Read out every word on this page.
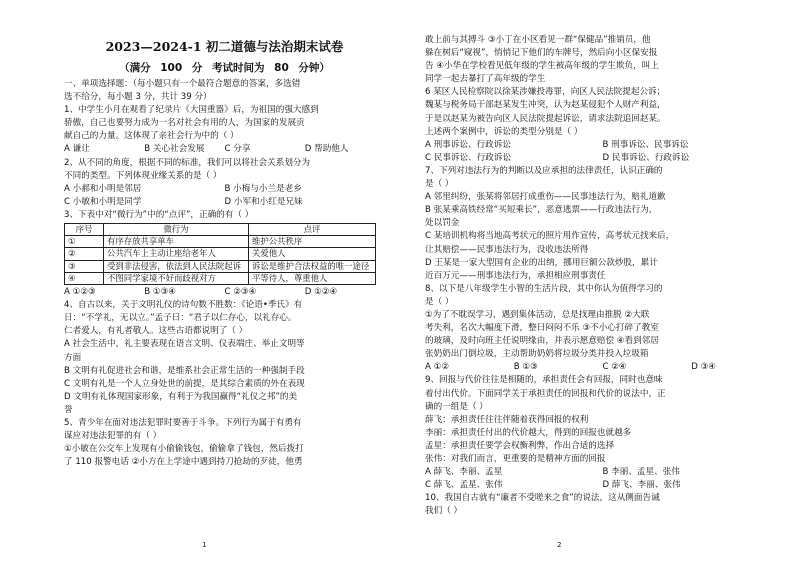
2023—2024-1 初二道德与法治期末试卷
（满分 100 分 考试时间为 80 分钟）
一、单项选择题：（每小题只有一个最符合题意的答案，多选错
选不给分，每小题 3 分，共计 39 分）
1、中学生小月在观看了纪录片《大国重器》后，为祖国的强大感到
骄傲，自己也要努力成为一名对社会有用的人，为国家的发展贡
献自己的力量。这体现了亲社会行为中的（ ）
A 谦让	B 关心社会发展	C 分享	D 帮助他人
2、从不同的角度，根据不同的标准，我们可以将社会关系划分为
不同的类型。下列体现业缘关系的是（ ）
A 小郝和小明是邻居	B 小梅与小兰是老乡
C 小敏和小明是同学	D 小军和小红是兄妹
3、下表中对“微行为”中的“点评”，正确的有（ ）
序号	微行为	点评
①	有序存放共享单车	维护公共秩序
②	公共汽车上主动让座给老年人	关爱他人
③	受到非法侵害，依法到人民法院起诉	诉讼是维护合法权益的唯一途径
④	不图同学家境不好而歧视对方	平等待人，尊重他人
A ①②③	B ①③④	C ②③④	D ①②④
4、自古以来，关于文明礼仪的诗句数不胜数：《论语•季氏》有
日：“不学礼，无以立。”孟子曰：“君子以仁存心，以礼存心。
仁者爱人，有礼者敬人。这些古语都说明了（ ）
A 社会生活中，礼主要表现在语言文明、仪表端庄、举止文明等
方面
B 文明有礼促进社会和谐，是维系社会正常生活的一种强制手段
C 文明有礼是一个人立身处世的前提，是其综合素质的外在表现
D 文明有礼体现国家形象，有利于为我国赢得“礼仪之邦”的美
誉
5、青少年在面对违法犯罪时要善于斗争。下列行为属于有勇有
谋应对违法犯罪的有（ ）
①小敏在公交车上发现有小偷偷钱包，偷偷拿了钱包，然后拨打
了 110 报警电话 ②小方在上学途中遇到持刀抢劫的歹徒，他勇
1
敢上前与其搏斗 ③小丁在小区看见一群“保健品”推销员，他
躲在树后“窥视”，悄悄记下他们的车牌号，然后向小区保安报
告 ④小华在学校看见低年级的学生被高年级的学生欺负，叫上
同学一起去暴打了高年级的学生
6 某区人民检察院以徐某涉嫌投毒罪，向区人民法院提起公诉；
魏某与税务局干部赵某发生冲突，认为赵某侵犯个人财产利益，
于是以赵某为被告向区人民法院提起诉讼，请求法院追回赵某。
上述两个案例中，诉讼的类型分别是（ ）
A 刑事诉讼、行政诉讼	B 刑事诉讼、民事诉讼
C 民事诉讼、行政诉讼	D 民事诉讼、行政诉讼
7、下列对违法行为的判断以及应承担的法律责任，认识正确的
是（ ）
A 邻里纠纷，张某将邻居打成重伤——民事违法行为，赔礼道歉
B 张某乘高铁经常“买短乘长”，恶意逃票——行政违法行为，
处以罚金
C 某培训机构将当地高考状元的照片用作宣传，高考状元找来后，
让其赔偿——民事违法行为，没收违法所得
D 王某是一家大型国有企业的出纳，挪用巨额公款炒股，累计
近百万元——刑事违法行为，承担相应刑事责任
8、以下是八年级学生小智的生活片段，其中你认为值得学习的
是（ ）
①为了不耽误学习，遇到集体活动，总是找理由推脱 ②大联
考失利，名次大幅度下滑，整日闷闷不乐 ③不小心打碎了教室
的玻璃，及时向班主任说明缘由，并表示愿意赔偿 ④看到邻居
张奶奶出门倒垃圾，主动帮助奶奶将垃圾分类并投入垃圾箱
A ①②	B ①③	C ②④	D ③④
9、回报与代价往往是相随的，承担责任会有回报，同时也意味
着付出代价。下面同学关于承担责任的回报和代价的说法中，正
确的一组是（ ）
薛飞：承担责任往往伴随着获得回报的权利
李丽：承担责任付出的代价越大，得到的回报也就越多
孟星：承担责任要学会权衡利弊，作出合适的选择
张伟：对我们而言，更重要的是精神方面的回报
A 薛飞、李丽、孟星	B 李丽、孟星、张伟
C 薛飞、孟星、张伟	D 薛飞、李丽、张伟
10、我国自古就有“廉者不受嗟来之食”的说法，这从侧面告诫
我们（ ）
2
